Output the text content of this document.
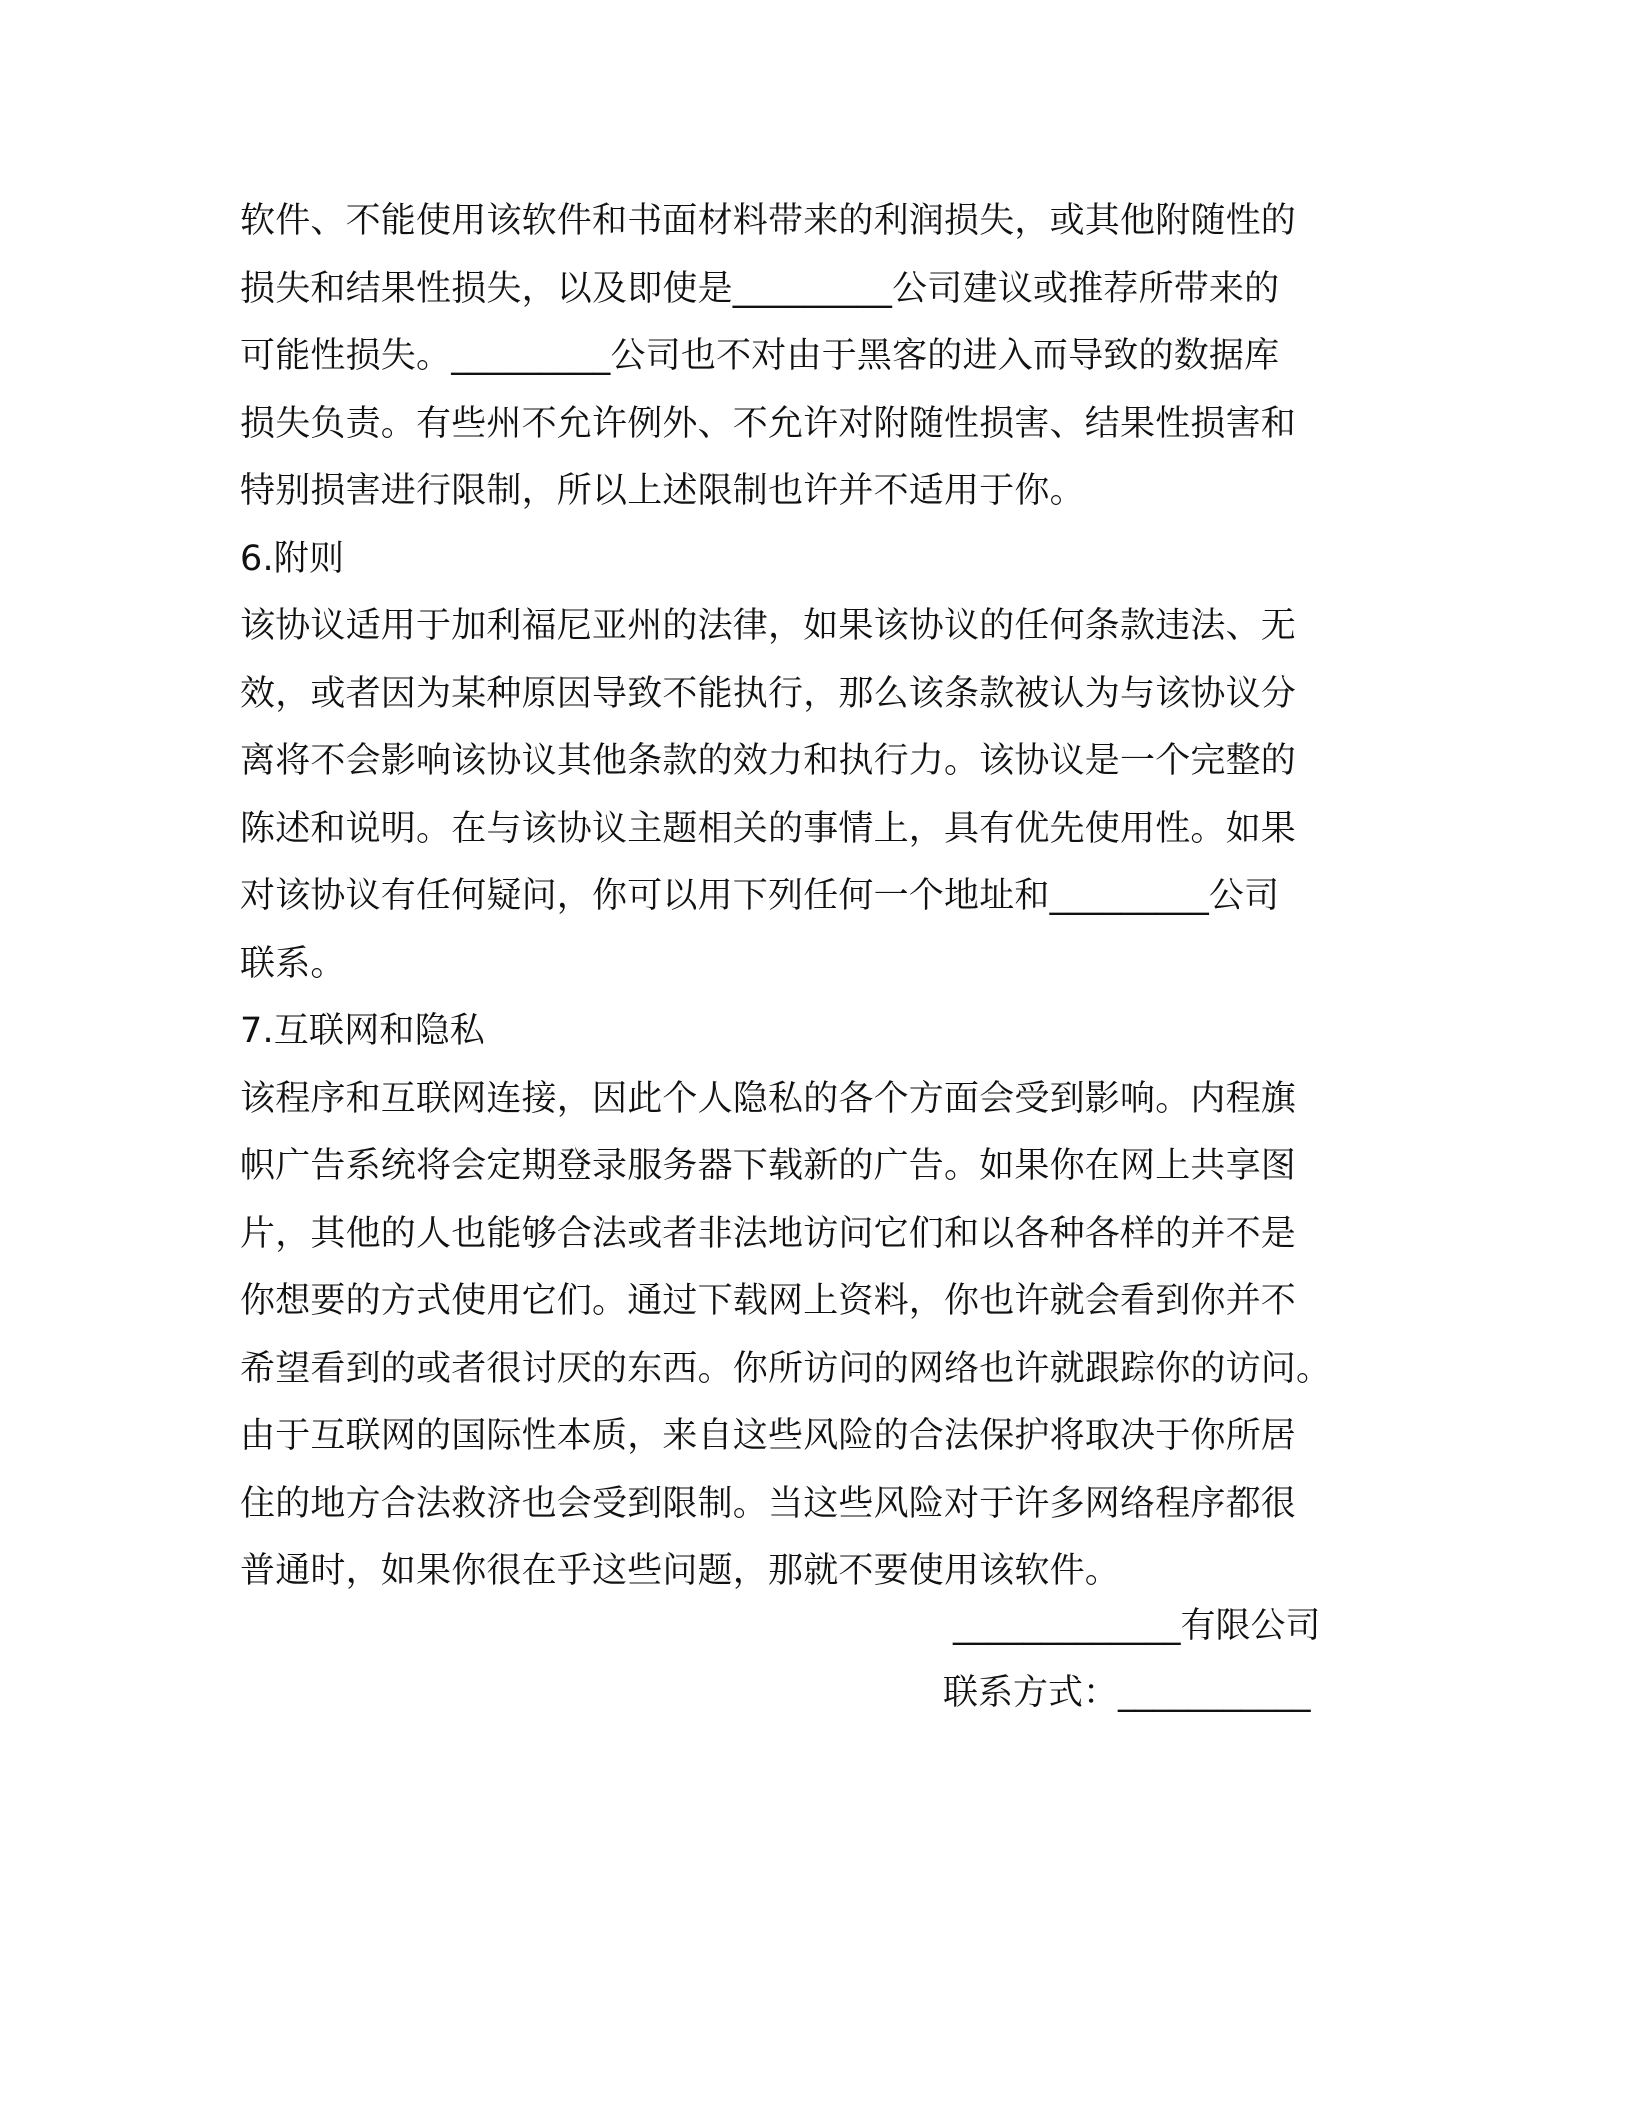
软件、不能使用该软件和书面材料带来的利润损失，或其他附随性的
损失和结果性损失，以及即使是_________公司建议或推荐所带来的
可能性损失。_________公司也不对由于黑客的进入而导致的数据库
损失负责。有些州不允许例外、不允许对附随性损害、结果性损害和
特别损害进行限制，所以上述限制也许并不适用于你。
6.附则
该协议适用于加利福尼亚州的法律，如果该协议的任何条款违法、无
效，或者因为某种原因导致不能执行，那么该条款被认为与该协议分
离将不会影响该协议其他条款的效力和执行力。该协议是一个完整的
陈述和说明。在与该协议主题相关的事情上，具有优先使用性。如果
对该协议有任何疑问，你可以用下列任何一个地址和_________公司
联系。
7.互联网和隐私
该程序和互联网连接，因此个人隐私的各个方面会受到影响。内程旗
帜广告系统将会定期登录服务器下载新的广告。如果你在网上共享图
片，其他的人也能够合法或者非法地访问它们和以各种各样的并不是
你想要的方式使用它们。通过下载网上资料，你也许就会看到你并不
希望看到的或者很讨厌的东西。你所访问的网络也许就跟踪你的访问。
由于互联网的国际性本质，来自这些风险的合法保护将取决于你所居
住的地方合法救济也会受到限制。当这些风险对于许多网络程序都很
普通时，如果你很在乎这些问题，那就不要使用该软件。
_____________有限公司
联系方式：___________
